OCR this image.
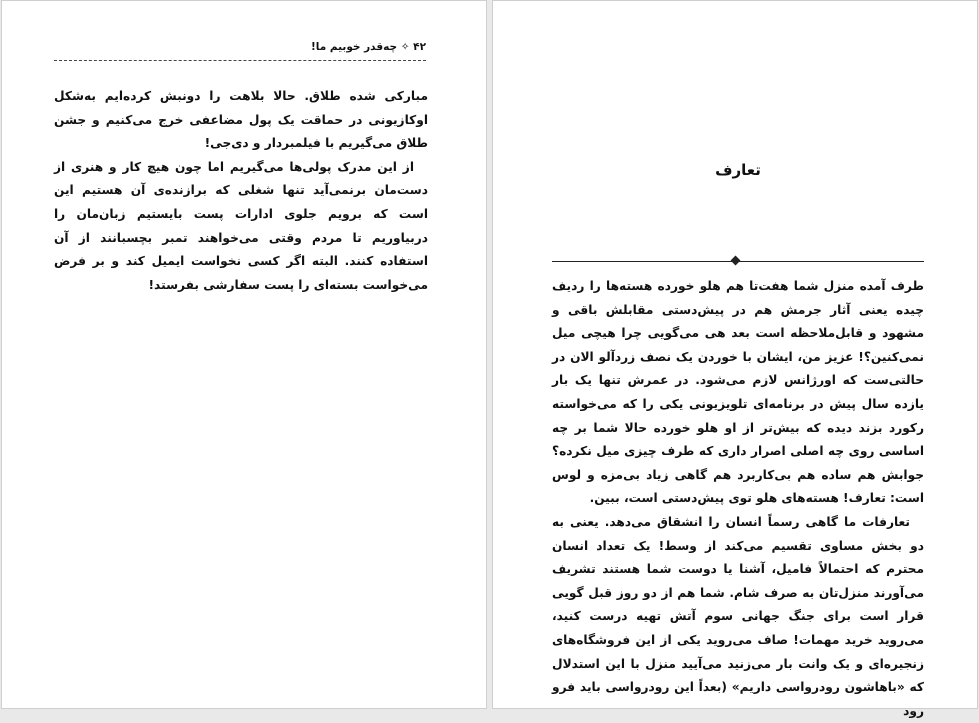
۴۲ ✧ چه‌قدر خوبیم ما!

مبارکی شده طلاق. حالا بلاهت را دونبش کرده‌ایم به‌شکل اوکازیونی در حماقت یک پول مضاعفی خرج می‌کنیم و جشن طلاق می‌گیریم با فیلمبردار و دی‌جی!

از این مدرک پولی‌ها می‌گیریم اما چون هیچ کار و هنری از دست‌مان برنمی‌آید تنها شغلی که برازنده‌ی آن هستیم این است که برویم جلوی ادارات پست بایستیم زبان‌مان را دربیاوریم تا مردم وقتی می‌خواهند تمبر بچسبانند از آن استفاده کنند. البته اگر کسی نخواست ایمیل کند و بر فرض می‌خواست بسته‌ای را پست سفارشی بفرستد!

تعارف

طرف آمده منزل شما هفت‌تا هم هلو خورده هسته‌ها را ردیف چیده یعنی آثار جرمش هم در پیش‌دستی مقابلش باقی و مشهود و قابل‌ملاحظه است بعد هی می‌گویی چرا هیچی میل نمی‌کنین؟! عزیز من، ایشان با خوردن یک نصف زردآلو الان در حالتی‌ست که اورژانس لازم می‌شود. در عمرش تنها یک بار یازده سال پیش در برنامه‌ای تلویزیونی یکی را که می‌خواسته رکورد بزند دیده که بیش‌تر از او هلو خورده حالا شما بر چه اساسی روی چه اصلی اصرار داری که طرف چیزی میل نکرده؟ جوابش هم ساده هم بی‌کاربرد هم گاهی زیاد بی‌مزه و لوس است: تعارف! هسته‌های هلو توی پیش‌دستی است، ببین.

تعارفات ما گاهی رسماً انسان را انشقاق می‌دهد. یعنی به دو بخش مساوی تقسیم می‌کند از وسط! یک تعداد انسان محترم که احتمالاً فامیل، آشنا یا دوست شما هستند تشریف می‌آورند منزل‌تان به صرف شام. شما هم از دو روز قبل گویی قرار است برای جنگ جهانی سوم آتش تهیه درست کنید، می‌روید خرید مهمات! صاف می‌روید یکی از این فروشگاه‌های زنجیره‌ای و یک وانت بار می‌زنید می‌آیید منزل با این استدلال که «باهاشون رودرواسی داریم» (بعداً این رودرواسی باید فرو رود
